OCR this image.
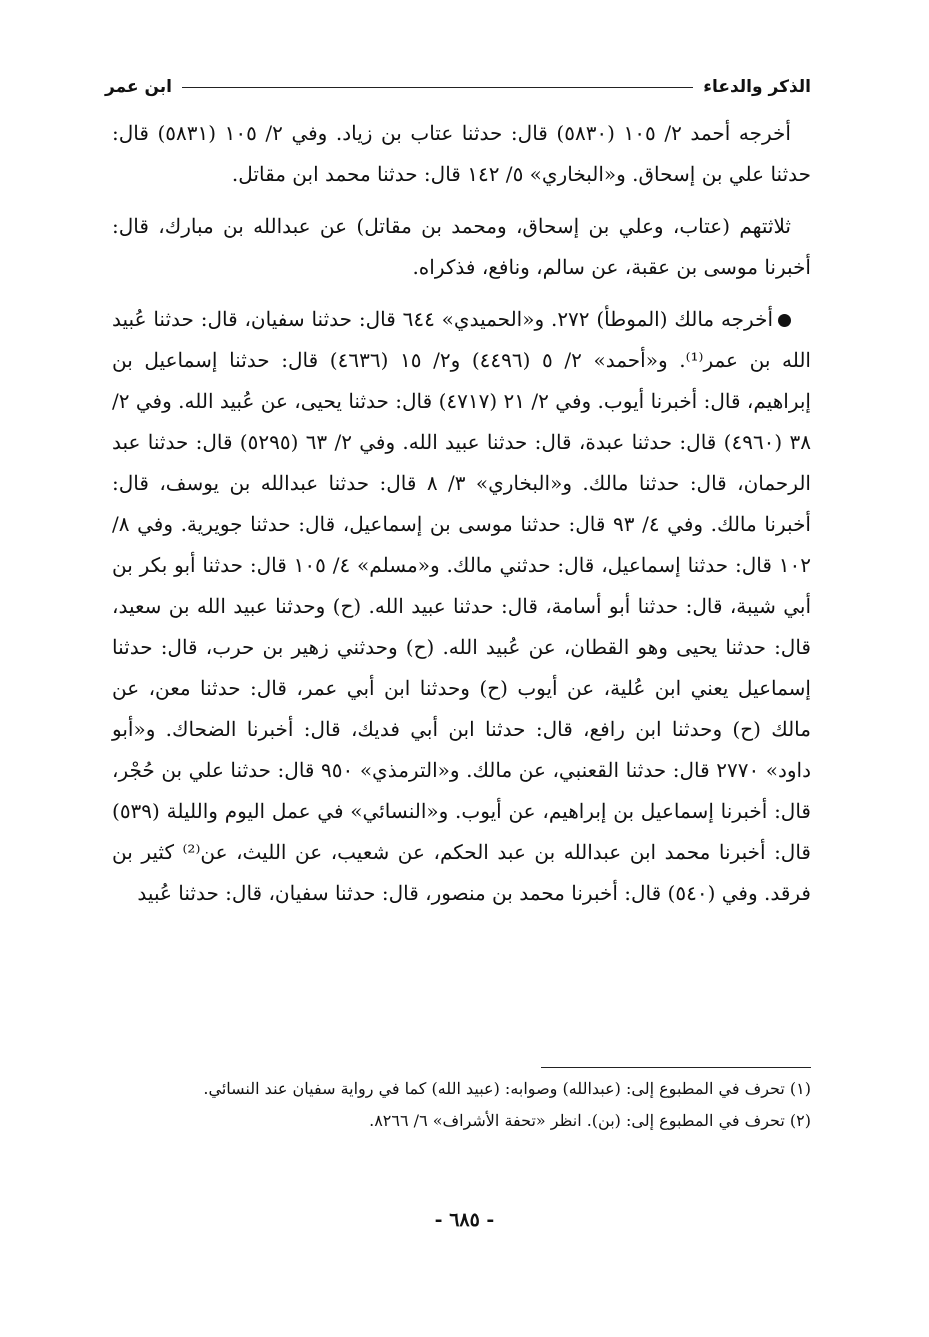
الذكر والدعاء
ابن عمر

أخرجه أحمد ٢/ ١٠٥ (٥٨٣٠) قال: حدثنا عتاب بن زياد. وفي ٢/ ١٠٥ (٥٨٣١) قال: حدثنا علي بن إسحاق. و«البخاري» ٥/ ١٤٢ قال: حدثنا محمد ابن مقاتل.

ثلاثتهم (عتاب، وعلي بن إسحاق، ومحمد بن مقاتل) عن عبدالله بن مبارك، قال: أخبرنا موسى بن عقبة، عن سالم، ونافع، فذكراه.

أخرجه مالك (الموطأ) ٢٧٢. و«الحميدي» ٦٤٤ قال: حدثنا سفيان، قال: حدثنا عُبيد الله بن عمر⁽¹⁾. و«أحمد» ٢/ ٥ (٤٤٩٦) و٢/ ١٥ (٤٦٣٦) قال: حدثنا إسماعيل بن إبراهيم، قال: أخبرنا أيوب. وفي ٢/ ٢١ (٤٧١٧) قال: حدثنا يحيى، عن عُبيد الله. وفي ٢/ ٣٨ (٤٩٦٠) قال: حدثنا عبدة، قال: حدثنا عبيد الله. وفي ٢/ ٦٣ (٥٢٩٥) قال: حدثنا عبد الرحمان، قال: حدثنا مالك. و«البخاري» ٣/ ٨ قال: حدثنا عبدالله بن يوسف، قال: أخبرنا مالك. وفي ٤/ ٩٣ قال: حدثنا موسى بن إسماعيل، قال: حدثنا جويرية. وفي ٨/ ١٠٢ قال: حدثنا إسماعيل، قال: حدثني مالك. و«مسلم» ٤/ ١٠٥ قال: حدثنا أبو بكر بن أبي شيبة، قال: حدثنا أبو أسامة، قال: حدثنا عبيد الله. (ح) وحدثنا عبيد الله بن سعيد، قال: حدثنا يحيى وهو القطان، عن عُبيد الله. (ح) وحدثني زهير بن حرب، قال: حدثنا إسماعيل يعني ابن عُلية، عن أيوب (ح) وحدثنا ابن أبي عمر، قال: حدثنا معن، عن مالك (ح) وحدثنا ابن رافع، قال: حدثنا ابن أبي فديك، قال: أخبرنا الضحاك. و«أبو داود» ٢٧٧٠ قال: حدثنا القعنبي، عن مالك. و«الترمذي» ٩٥٠ قال: حدثنا علي بن حُجْر، قال: أخبرنا إسماعيل بن إبراهيم، عن أيوب. و«النسائي» في عمل اليوم والليلة (٥٣٩) قال: أخبرنا محمد ابن عبدالله بن عبد الحكم، عن شعيب، عن الليث، عن⁽²⁾ كثير بن فرقد. وفي (٥٤٠) قال: أخبرنا محمد بن منصور، قال: حدثنا سفيان، قال: حدثنا عُبيد

(١) تحرف في المطبوع إلى: (عبدالله) وصوابه: (عبيد الله) كما في رواية سفيان عند النسائي.

(٢) تحرف في المطبوع إلى: (بن). انظر «تحفة الأشراف» ٦/ ٨٢٦٦.

- ٦٨٥ -
